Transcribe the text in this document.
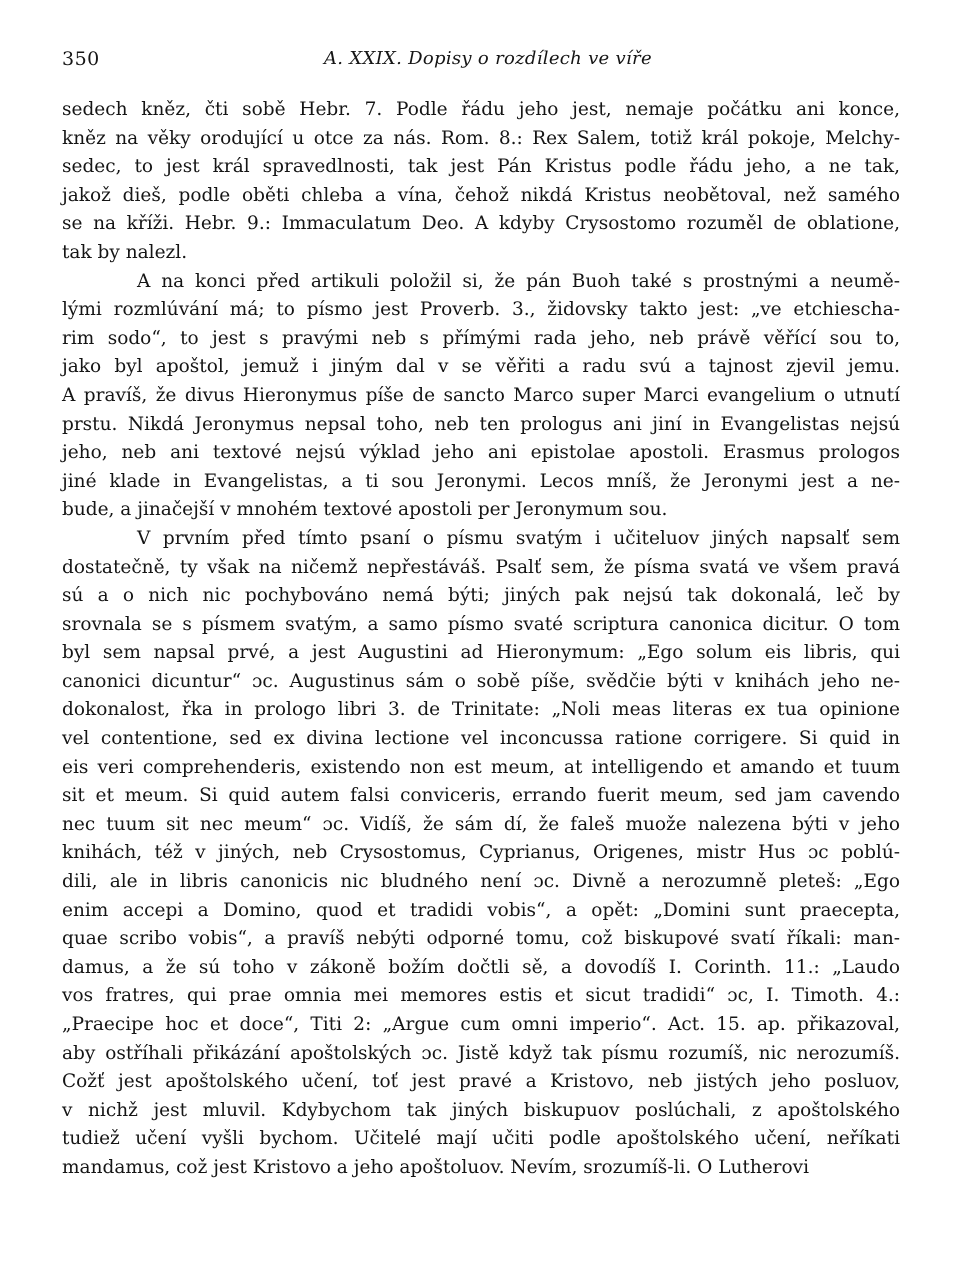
350	A. XXIX. Dopisy o rozdílech ve víře
sedech kněz, čti sobě Hebr. 7. Podle řádu jeho jest, nemaje počátku ani konce,
kněz na věky orodující u otce za nás. Rom. 8.: Rex Salem, totiž král pokoje, Melchy-
sedec, to jest král spravedlnosti, tak jest Pán Kristus podle řádu jeho, a ne tak,
jakož dieš, podle oběti chleba a vína, čehož nikdá Kristus neobětoval, než samého
se na kříži. Hebr. 9.: Immaculatum Deo. A kdyby Crysostomo rozuměl de oblatione,
tak by nalezl.
A na konci před artikuli položil si, že pán Buoh také s prostnými a neumě-
lými rozmlúvání má; to písmo jest Proverb. 3., židovsky takto jest: „ve etchiescha-
rim sodo“, to jest s pravými neb s přímými rada jeho, neb právě věřící sou to,
jako byl apoštol, jemuž i jiným dal v se věřiti a radu svú a tajnost zjevil jemu.
A pravíš, že divus Hieronymus píše de sancto Marco super Marci evangelium o utnutí
prstu. Nikdá Jeronymus nepsal toho, neb ten prologus ani jiní in Evangelistas nejsú
jeho, neb ani textové nejsú výklad jeho ani epistolae apostoli. Erasmus prologos
jiné klade in Evangelistas, a ti sou Jeronymi. Lecos mníš, že Jeronymi jest a ne-
bude, a jinačejší v mnohém textové apostoli per Jeronymum sou.
V prvním před tímto psaní o písmu svatým i učiteluov jiných napsalť sem
dostatečně, ty však na ničemž nepřestáváš. Psalť sem, že písma svatá ve všem pravá
sú a o nich nic pochybováno nemá býti; jiných pak nejsú tak dokonalá, leč by
srovnala se s písmem svatým, a samo písmo svaté scriptura canonica dicitur. O tom
byl sem napsal prvé, a jest Augustini ad Hieronymum: „Ego solum eis libris, qui
canonici dicuntur“ ɔc. Augustinus sám o sobě píše, svědčie býti v knihách jeho ne-
dokonalost, řka in prologo libri 3. de Trinitate: „Noli meas literas ex tua opinione
vel contentione, sed ex divina lectione vel inconcussa ratione corrigere. Si quid in
eis veri comprehenderis, existendo non est meum, at intelligendo et amando et tuum
sit et meum. Si quid autem falsi conviceris, errando fuerit meum, sed jam cavendo
nec tuum sit nec meum“ ɔc. Vidíš, že sám dí, že faleš muože nalezena býti v jeho
knihách, též v jiných, neb Crysostomus, Cyprianus, Origenes, mistr Hus ɔc poblú-
dili, ale in libris canonicis nic bludného není ɔc. Divně a nerozumně pleteš: „Ego
enim accepi a Domino, quod et tradidi vobis“, a opět: „Domini sunt praecepta,
quae scribo vobis“, a pravíš nebýti odporné tomu, což biskupové svatí říkali: man-
damus, a že sú toho v zákoně božím dočtli sě, a dovodíš I. Corinth. 11.: „Laudo
vos fratres, qui prae omnia mei memores estis et sicut tradidi“ ɔc, I. Timoth. 4.:
„Praecipe hoc et doce“, Titi 2: „Argue cum omni imperio“. Act. 15. ap. přikazoval,
aby ostříhali přikázání apoštolských ɔc. Jistě když tak písmu rozumíš, nic nerozumíš.
Cožť jest apoštolského učení, toť jest pravé a Kristovo, neb jistých jeho posluov,
v nichž jest mluvil. Kdybychom tak jiných biskupuov poslúchali, z apoštolského
tudiež učení vyšli bychom. Učitelé mají učiti podle apoštolského učení, neříkati
mandamus, což jest Kristovo a jeho apoštoluov. Nevím, srozumíš-li. O Lutherovi
